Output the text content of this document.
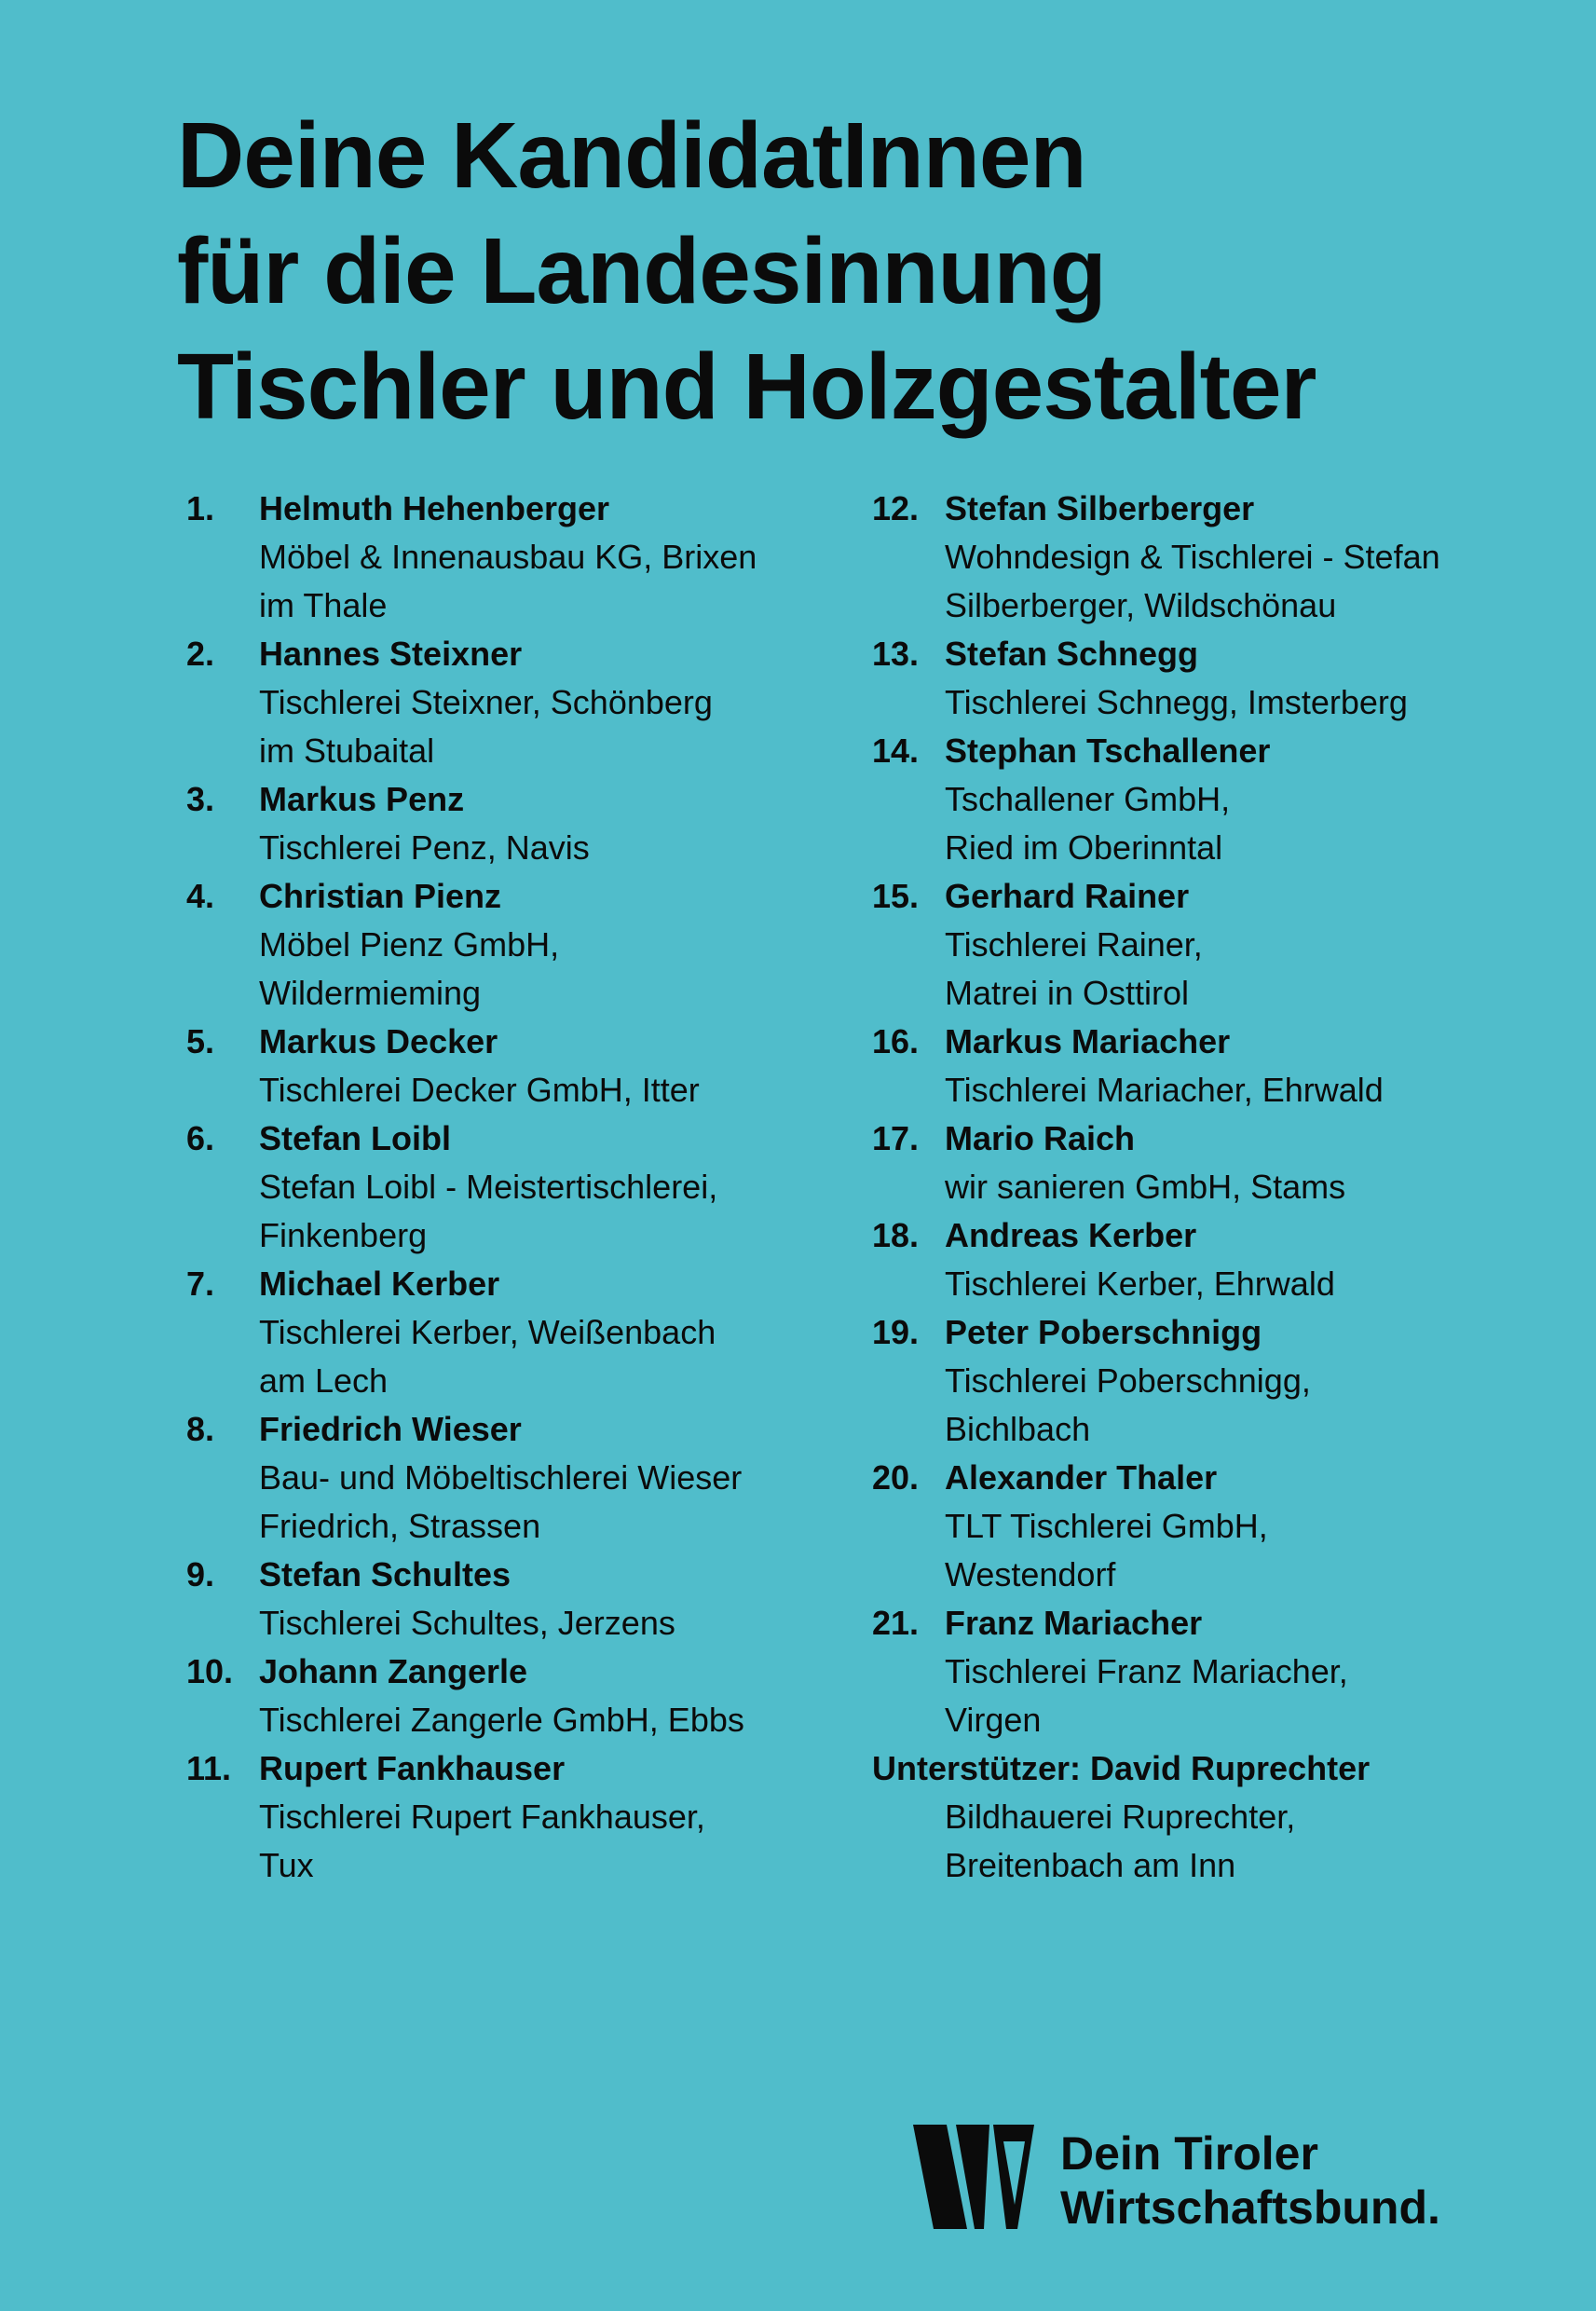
Deine KandidatInnen
für die Landesinnung
Tischler und Holzgestalter
1. Helmuth Hehenberger
Möbel & Innenausbau KG, Brixen
im Thale
2. Hannes Steixner
Tischlerei Steixner, Schönberg
im Stubaital
3. Markus Penz
Tischlerei Penz, Navis
4. Christian Pienz
Möbel Pienz GmbH,
Wildermieming
5. Markus Decker
Tischlerei Decker GmbH, Itter
6. Stefan Loibl
Stefan Loibl - Meistertischlerei,
Finkenberg
7. Michael Kerber
Tischlerei Kerber, Weißenbach
am Lech
8. Friedrich Wieser
Bau- und Möbeltischlerei Wieser
Friedrich, Strassen
9. Stefan Schultes
Tischlerei Schultes, Jerzens
10. Johann Zangerle
Tischlerei Zangerle GmbH, Ebbs
11. Rupert Fankhauser
Tischlerei Rupert Fankhauser,
Tux
12. Stefan Silberberger
Wohndesign & Tischlerei - Stefan
Silberberger, Wildschönau
13. Stefan Schnegg
Tischlerei Schnegg, Imsterberg
14. Stephan Tschallener
Tschallener GmbH,
Ried im Oberinntal
15. Gerhard Rainer
Tischlerei Rainer,
Matrei in Osttirol
16. Markus Mariacher
Tischlerei Mariacher, Ehrwald
17. Mario Raich
wir sanieren GmbH, Stams
18. Andreas Kerber
Tischlerei Kerber, Ehrwald
19. Peter Poberschnigg
Tischlerei Poberschnigg,
Bichlbach
20. Alexander Thaler
TLT Tischlerei GmbH,
Westendorf
21. Franz Mariacher
Tischlerei Franz Mariacher,
Virgen
Unterstützer: David Ruprechter
Bildhauerei Ruprechter,
Breitenbach am Inn
Dein Tiroler
Wirtschaftsbund.
